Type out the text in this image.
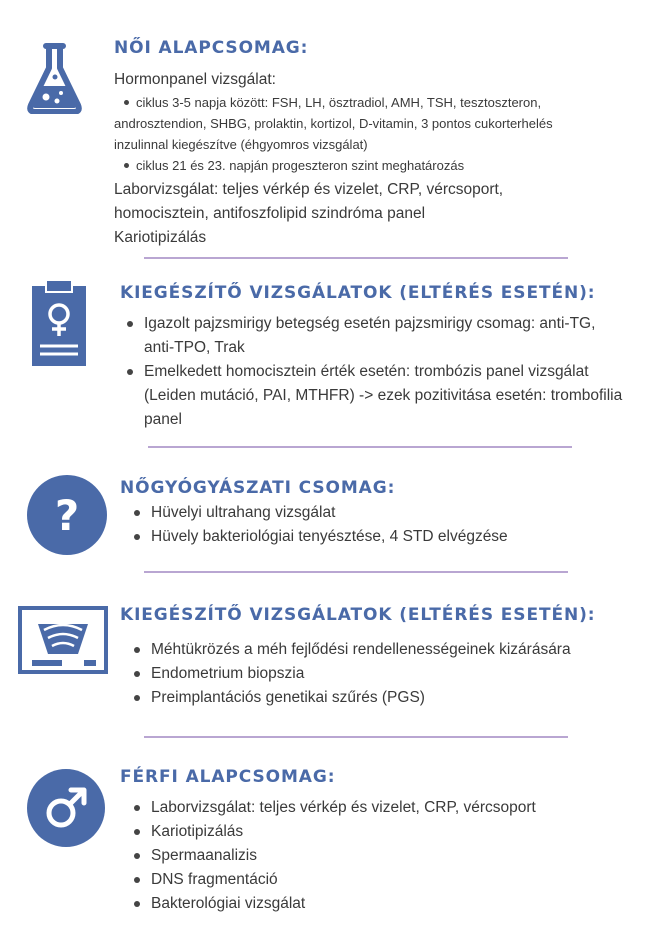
NŐI ALAPCSOMAG:
Hormonpanel vizsgálat:
ciklus 3-5 napja között: FSH, LH, ösztradiol, AMH, TSH, tesztoszteron,
androsztendion, SHBG, prolaktin, kortizol, D-vitamin, 3 pontos cukorterhelés
inzulinnal kiegészítve (éhgyomros vizsgálat)
ciklus 21 és 23. napján progeszteron szint meghatározás
Laborvizsgálat: teljes vérkép és vizelet, CRP, vércsoport,
homocisztein, antifoszfolipid szindróma panel
Kariotipizálás
KIEGÉSZÍTŐ VIZSGÁLATOK (ELTÉRÉS ESETÉN):
Igazolt pajzsmirigy betegség esetén pajzsmirigy csomag: anti-TG, anti-TPO, Trak
Emelkedett homocisztein érték esetén: trombózis panel vizsgálat (Leiden mutáció, PAI, MTHFR) -> ezek pozitivitása esetén: trombofilia panel
?
NŐGYÓGYÁSZATI CSOMAG:
Hüvelyi ultrahang vizsgálat
Hüvely bakteriológiai tenyésztése, 4 STD elvégzése
KIEGÉSZÍTŐ VIZSGÁLATOK (ELTÉRÉS ESETÉN):
Méhtükrözés a méh fejlődési rendellenességeinek kizárására
Endometrium biopszia
Preimplantációs genetikai szűrés (PGS)
FÉRFI ALAPCSOMAG:
Laborvizsgálat: teljes vérkép és vizelet, CRP, vércsoport
Kariotipizálás
Spermaanalizis
DNS fragmentáció
Bakterológiai vizsgálat
